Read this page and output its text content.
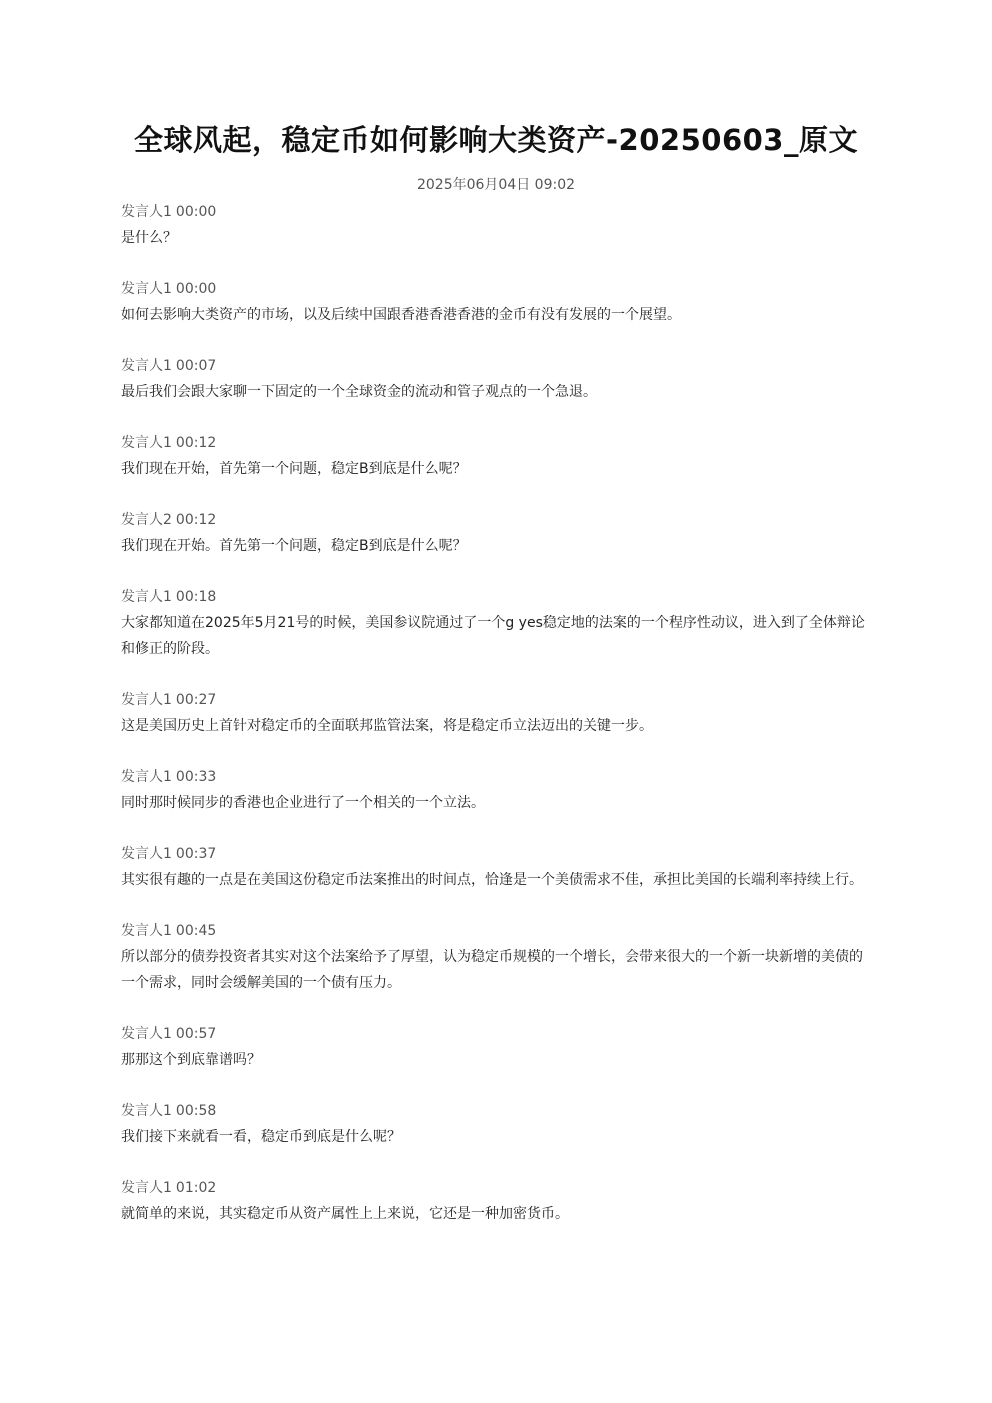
全球风起，稳定币如何影响大类资产-20250603_原文
2025年06月04日 09:02
发言人1 00:00
是什么？
发言人1 00:00
如何去影响大类资产的市场，以及后续中国跟香港香港香港的金币有没有发展的一个展望。
发言人1 00:07
最后我们会跟大家聊一下固定的一个全球资金的流动和管子观点的一个急退。
发言人1 00:12
我们现在开始，首先第一个问题，稳定B到底是什么呢？
发言人2 00:12
我们现在开始。首先第一个问题，稳定B到底是什么呢？
发言人1 00:18
大家都知道在2025年5月21号的时候，美国参议院通过了一个g yes稳定地的法案的一个程序性动议，进入到了全体辩论和修正的阶段。
发言人1 00:27
这是美国历史上首针对稳定币的全面联邦监管法案，将是稳定币立法迈出的关键一步。
发言人1 00:33
同时那时候同步的香港也企业进行了一个相关的一个立法。
发言人1 00:37
其实很有趣的一点是在美国这份稳定币法案推出的时间点，恰逢是一个美债需求不佳，承担比美国的长端利率持续上行。
发言人1 00:45
所以部分的债券投资者其实对这个法案给予了厚望，认为稳定币规模的一个增长，会带来很大的一个新一块新增的美债的一个需求，同时会缓解美国的一个债有压力。
发言人1 00:57
那那这个到底靠谱吗？
发言人1 00:58
我们接下来就看一看，稳定币到底是什么呢？
发言人1 01:02
就简单的来说，其实稳定币从资产属性上上来说，它还是一种加密货币。
